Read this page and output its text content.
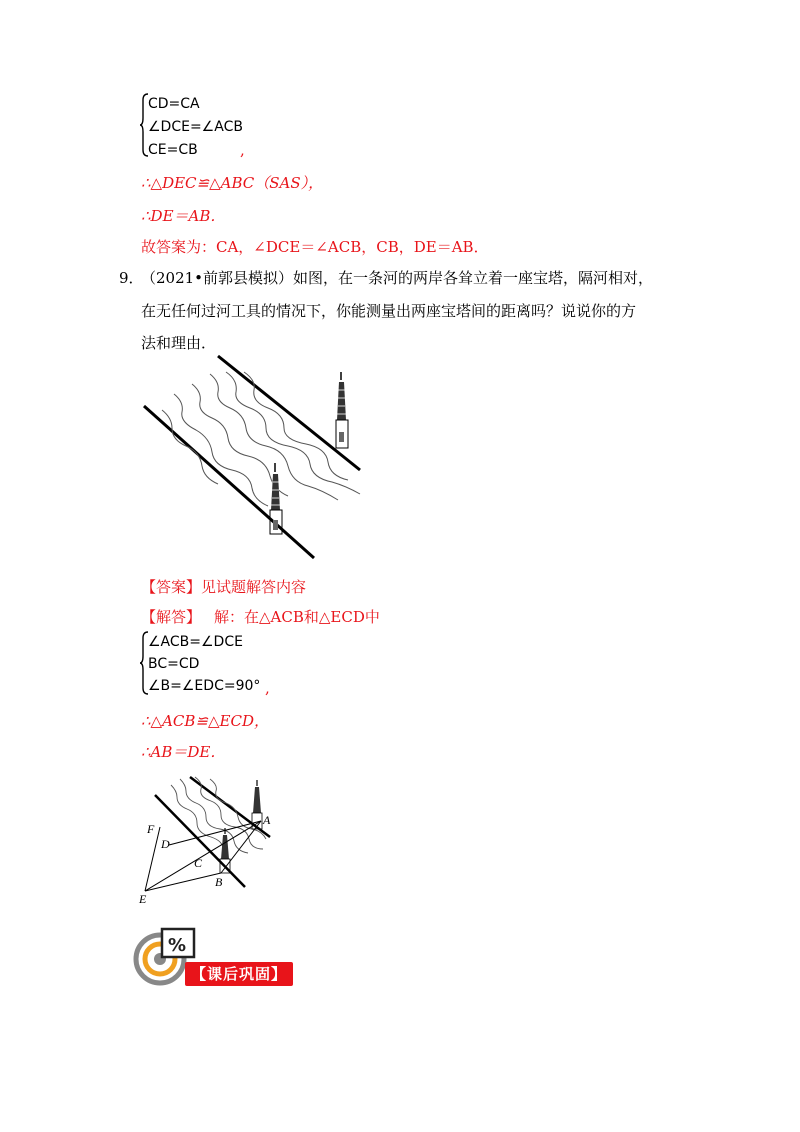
CD=CA
∠DCE=∠ACB
CE=CB	,
∴△DEC≌△ABC（SAS），
∴DE＝AB．
故答案为：CA，∠DCE＝∠ACB，CB，DE＝AB．
9．
（2021•前郭县模拟）如图，在一条河的两岸各耸立着一座宝塔，隔河相对，
在无任何过河工具的情况下，你能测量出两座宝塔间的距离吗？说说你的方
法和理由．
【答案】见试题解答内容
【解答】 解：在△ACB和△ECD中
∠ACB=∠DCE
BC=CD
∠B=∠EDC=90° ,
∴△ACB≌△ECD，
∴AB＝DE．
F
D
C
A
B
E
%
【课后巩固】
